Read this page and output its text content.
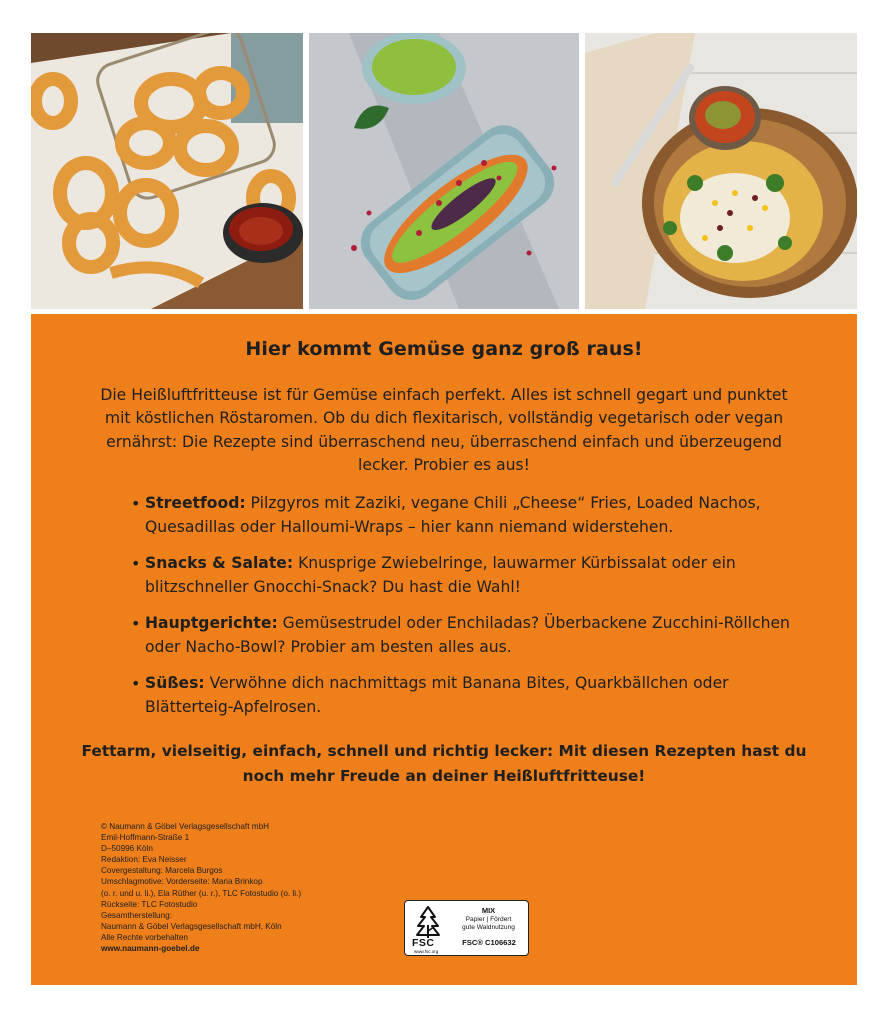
Hier kommt Gemüse ganz groß raus!
Die Heißluftfritteuse ist für Gemüse einfach perfekt. Alles ist schnell gegart und punktet mit köstlichen Röstaromen. Ob du dich flexitarisch, vollständig vegetarisch oder vegan ernährst: Die Rezepte sind überraschend neu, überraschend einfach und überzeugend lecker. Probier es aus!
• Streetfood: Pilzgyros mit Zaziki, vegane Chili „Cheese“ Fries, Loaded Nachos, Quesadillas oder Halloumi-Wraps – hier kann niemand widerstehen.
• Snacks & Salate: Knusprige Zwiebelringe, lauwarmer Kürbissalat oder ein blitzschneller Gnocchi-Snack? Du hast die Wahl!
• Hauptgerichte: Gemüsestrudel oder Enchiladas? Überbackene Zucchini-Röllchen oder Nacho-Bowl? Probier am besten alles aus.
• Süßes: Verwöhne dich nachmittags mit Banana Bites, Quarkbällchen oder Blätterteig-Apfelrosen.
Fettarm, vielseitig, einfach, schnell und richtig lecker: Mit diesen Rezepten hast du noch mehr Freude an deiner Heißluftfritteuse!
© Naumann & Göbel Verlagsgesellschaft mbH
Emil-Hoffmann-Straße 1
D–50996 Köln
Redaktion: Eva Neisser
Covergestaltung: Marcela Burgos
Umschlagmotive: Vorderseite: Maria Brinkop
(o. r. und u. li.), Ela Rüther (u. r.), TLC Fotostudio (o. li.)
Rückseite: TLC Fotostudio
Gesamtherstellung:
Naumann & Göbel Verlagsgesellschaft mbH, Köln
Alle Rechte vorbehalten
www.naumann-goebel.de	FSC
www.fsc.org
MIX
Papier | Fördert
gute Waldnutzung
FSC® C106632
